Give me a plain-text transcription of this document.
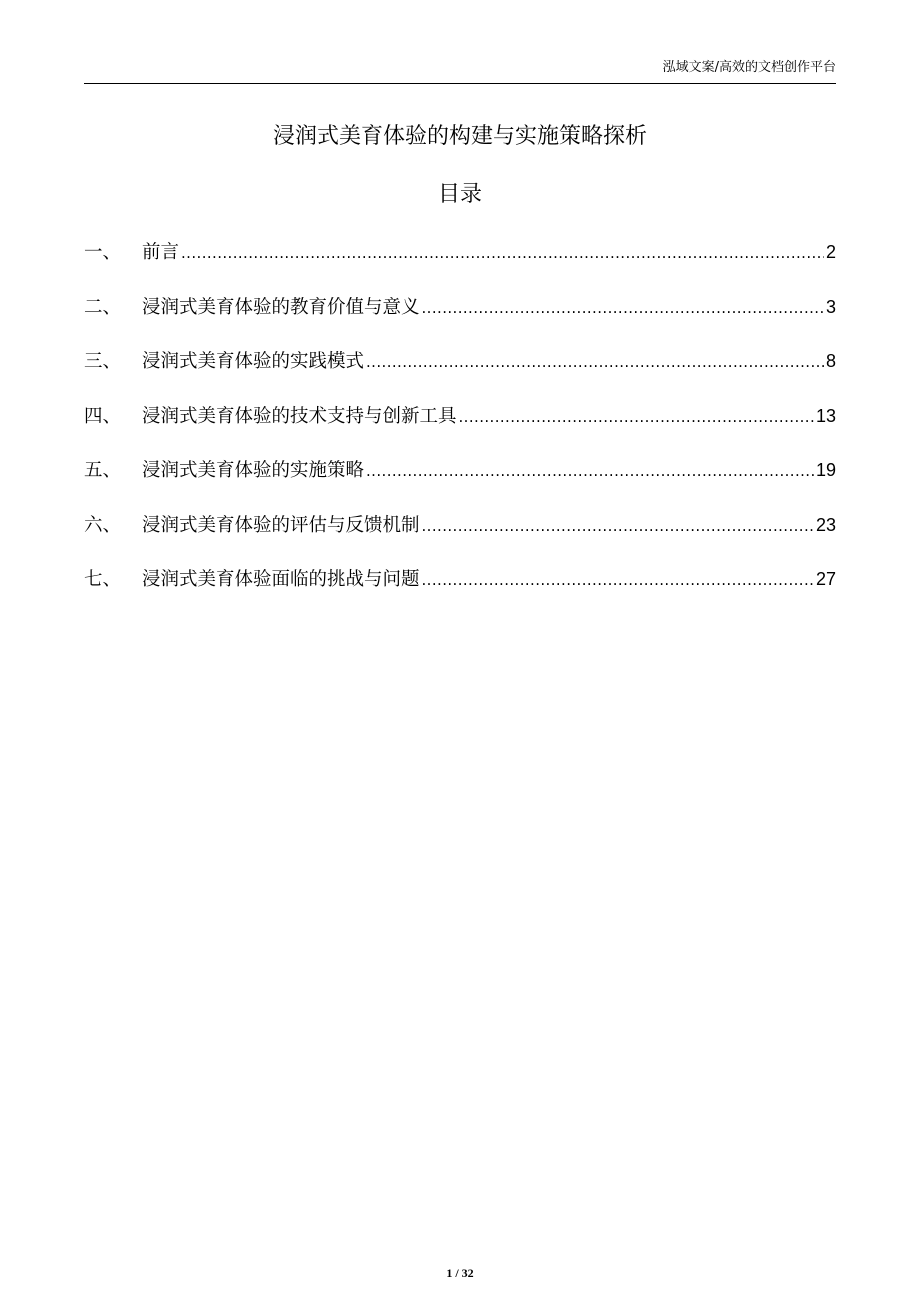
泓域文案/高效的文档创作平台
浸润式美育体验的构建与实施策略探析
目录
一、	前言 .....	2
二、	浸润式美育体验的教育价值与意义 .....	3
三、	浸润式美育体验的实践模式 .....	8
四、	浸润式美育体验的技术支持与创新工具 .....	13
五、	浸润式美育体验的实施策略 .....	19
六、	浸润式美育体验的评估与反馈机制 .....	23
七、	浸润式美育体验面临的挑战与问题 .....	27
1 / 32
